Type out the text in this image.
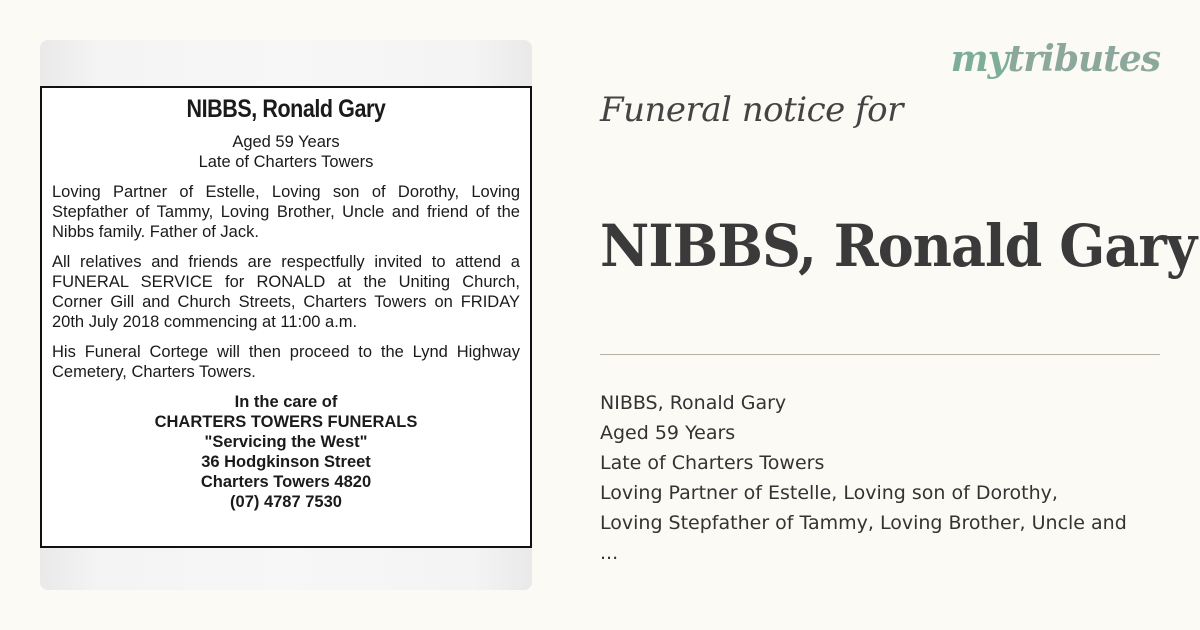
NIBBS, Ronald Gary
Aged 59 Years
Late of Charters Towers
Loving Partner of Estelle, Loving son of Dorothy, Loving Stepfather of Tammy, Loving Brother, Uncle and friend of the Nibbs family. Father of Jack.
All relatives and friends are respectfully invited to attend a FUNERAL SERVICE for RONALD at the Uniting Church, Corner Gill and Church Streets, Charters Towers on FRIDAY 20th July 2018 commencing at 11:00 a.m.
His Funeral Cortege will then proceed to the Lynd Highway Cemetery, Charters Towers.
In the care of
CHARTERS TOWERS FUNERALS
"Servicing the West"
36 Hodgkinson Street
Charters Towers 4820
(07) 4787 7530
mytributes
Funeral notice for
NIBBS, Ronald Gary
NIBBS, Ronald Gary
Aged 59 Years
Late of Charters Towers
Loving Partner of Estelle, Loving son of Dorothy,
Loving Stepfather of Tammy, Loving Brother, Uncle and
...
